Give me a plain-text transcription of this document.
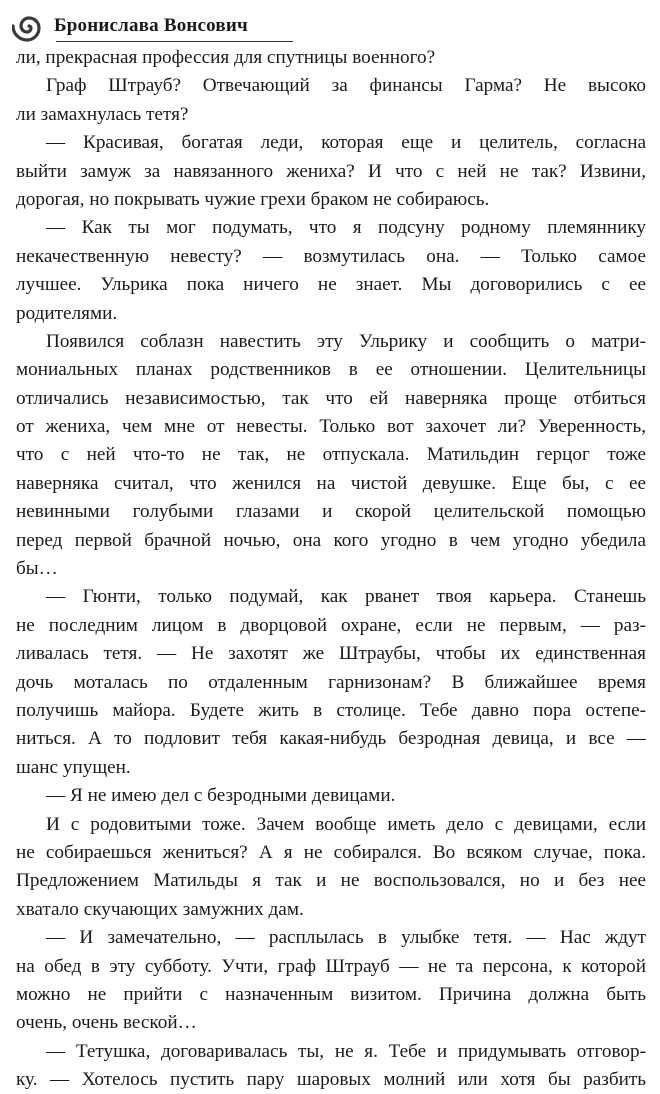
Бронислава Вонсович
ли, прекрасная профессия для спутницы военного?
Граф Штрауб? Отвечающий за финансы Гарма? Не высоко
ли замахнулась тетя?
— Красивая, богатая леди, которая еще и целитель, согласна
выйти замуж за навязанного жениха? И что с ней не так? Извини,
дорогая, но покрывать чужие грехи браком не собираюсь.
— Как ты мог подумать, что я подсуну родному племяннику
некачественную невесту? — возмутилась она. — Только самое
лучшее. Ульрика пока ничего не знает. Мы договорились с ее
родителями.
Появился соблазн навестить эту Ульрику и сообщить о матри-
мониальных планах родственников в ее отношении. Целительницы
отличались независимостью, так что ей наверняка проще отбиться
от жениха, чем мне от невесты. Только вот захочет ли? Уверенность,
что с ней что-то не так, не отпускала. Матильдин герцог тоже
наверняка считал, что женился на чистой девушке. Еще бы, с ее
невинными голубыми глазами и скорой целительской помощью
перед первой брачной ночью, она кого угодно в чем угодно убедила
бы…
— Гюнти, только подумай, как рванет твоя карьера. Станешь
не последним лицом в дворцовой охране, если не первым, — раз-
ливалась тетя. — Не захотят же Штраубы, чтобы их единственная
дочь моталась по отдаленным гарнизонам? В ближайшее время
получишь майора. Будете жить в столице. Тебе давно пора остепе-
ниться. А то подловит тебя какая-нибудь безродная девица, и все —
шанс упущен.
— Я не имею дел с безродными девицами.
И с родовитыми тоже. Зачем вообще иметь дело с девицами, если
не собираешься жениться? А я не собирался. Во всяком случае, пока.
Предложением Матильды я так и не воспользовался, но и без нее
хватало скучающих замужних дам.
— И замечательно, — расплылась в улыбке тетя. — Нас ждут
на обед в эту субботу. Учти, граф Штрауб — не та персона, к которой
можно не прийти с назначенным визитом. Причина должна быть
очень, очень веской…
— Тетушка, договаривалась ты, не я. Тебе и придумывать отговор-
ку. — Хотелось пустить пару шаровых молний или хотя бы разбить
